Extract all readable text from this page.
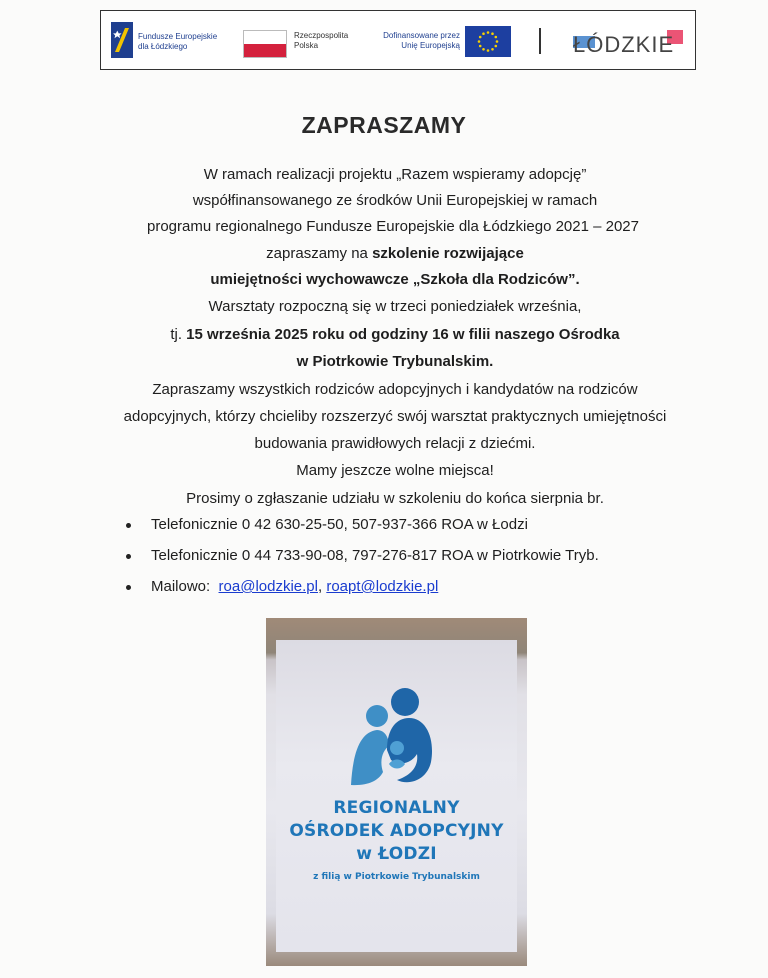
Fundusze Europejskie
dla Łódzkiego
Rzeczpospolita
Polska
Dofinansowane przez
Unię Europejską	ŁÓDZKIE
ZAPRASZAMY
W ramach realizacji projektu „Razem wspieramy adopcję”
współfinansowanego ze środków Unii Europejskiej w ramach
programu regionalnego Fundusze Europejskie dla Łódzkiego 2021 – 2027
zapraszamy na szkolenie rozwijające
umiejętności wychowawcze „Szkoła dla Rodziców”.
Warsztaty rozpoczną się w trzeci poniedziałek września,
tj. 15 września 2025 roku od godziny 16 w filii naszego Ośrodka
w Piotrkowie Trybunalskim.
Zapraszamy wszystkich rodziców adopcyjnych i kandydatów na rodziców
adopcyjnych, którzy chcieliby rozszerzyć swój warsztat praktycznych umiejętności
budowania prawidłowych relacji z dziećmi.
Mamy jeszcze wolne miejsca!
Prosimy o zgłaszanie udziału w szkoleniu do końca sierpnia br.
Telefonicznie 0 42 630-25-50, 507-937-366 ROA w Łodzi
Telefonicznie 0 44 733-90-08, 797-276-817 ROA w Piotrkowie Tryb.
Mailowo: roa@lodzkie.pl, roapt@lodzkie.pl
REGIONALNY
OŚRODEK ADOPCYJNY
w ŁODZI
z filią w Piotrkowie Trybunalskim
